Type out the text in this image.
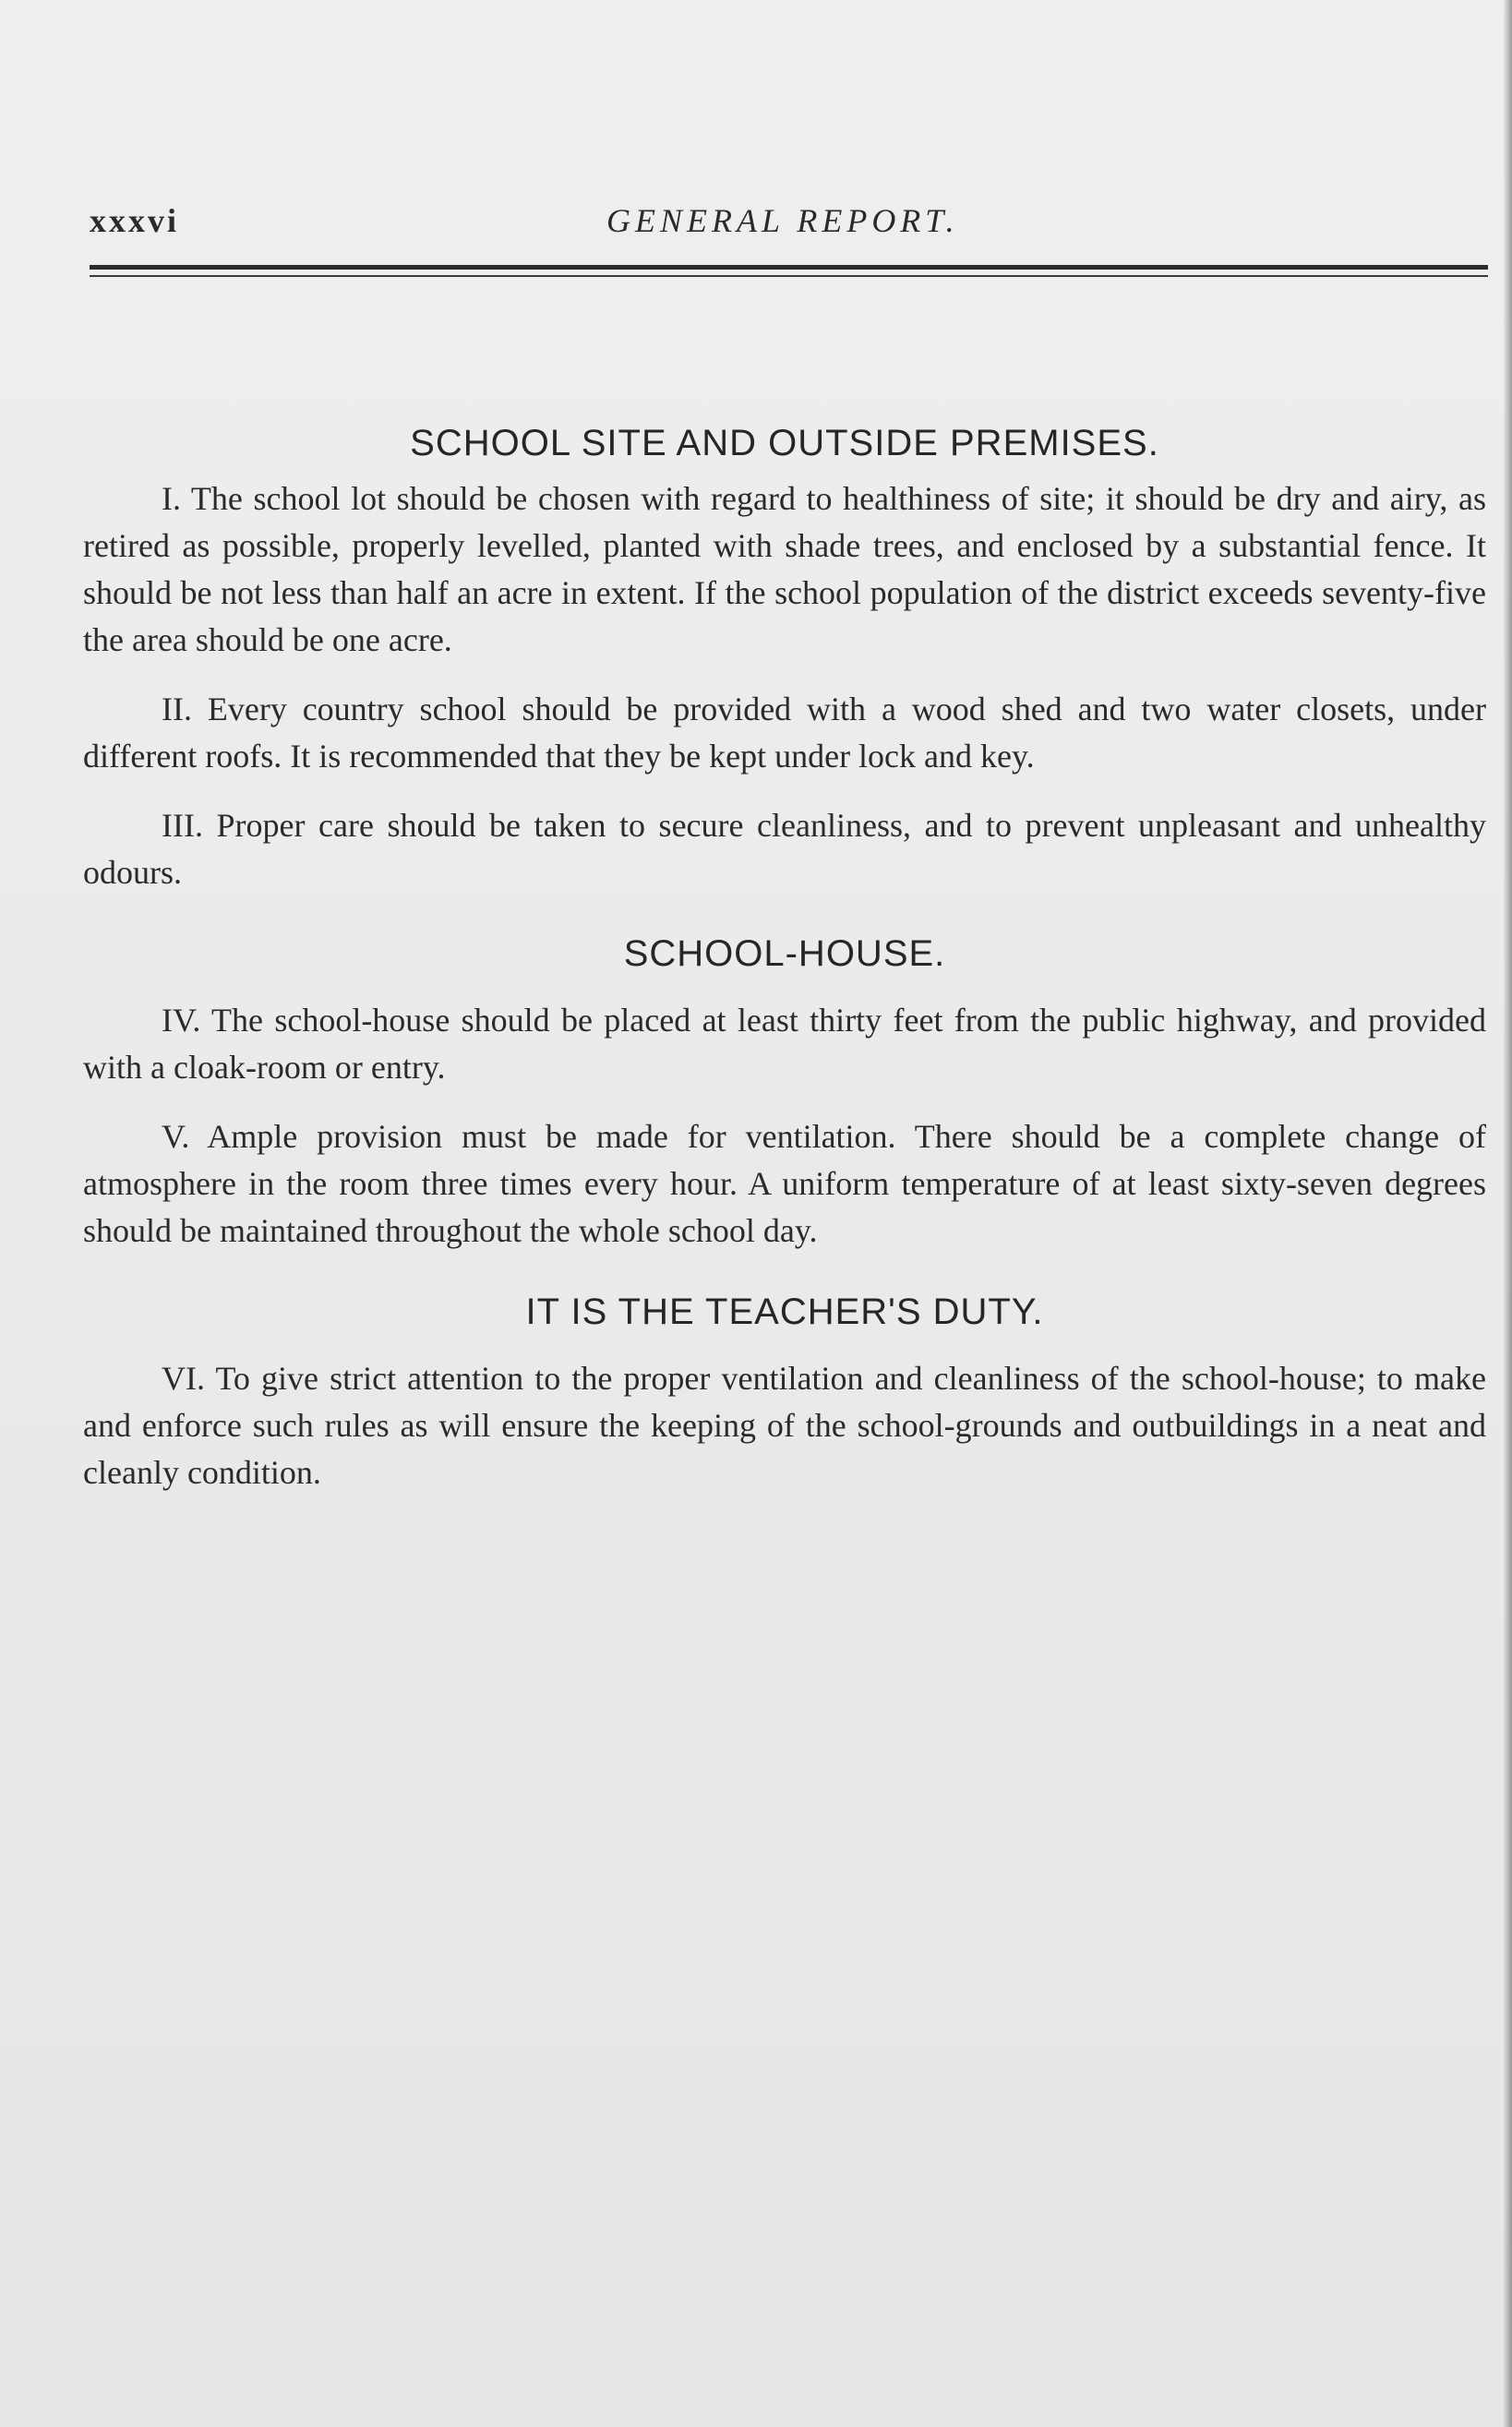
xxxvi	GENERAL REPORT.
SCHOOL SITE AND OUTSIDE PREMISES.

I. The school lot should be chosen with regard to healthiness of site; it should be dry and airy, as retired as possible, properly levelled, planted with shade trees, and enclosed by a substantial fence. It should be not less than half an acre in extent. If the school population of the district exceeds seventy-five the area should be one acre.

II. Every country school should be provided with a wood shed and two water closets, under different roofs. It is recommended that they be kept under lock and key.

III. Proper care should be taken to secure cleanliness, and to prevent unpleasant and unhealthy odours.

SCHOOL-HOUSE.

IV. The school-house should be placed at least thirty feet from the public highway, and provided with a cloak-room or entry.

V. Ample provision must be made for ventilation. There should be a complete change of atmosphere in the room three times every hour. A uniform temperature of at least sixty-seven degrees should be maintained throughout the whole school day.

IT IS THE TEACHER'S DUTY.

VI. To give strict attention to the proper ventilation and cleanliness of the school-house; to make and enforce such rules as will ensure the keeping of the school-grounds and outbuildings in a neat and cleanly condition.
